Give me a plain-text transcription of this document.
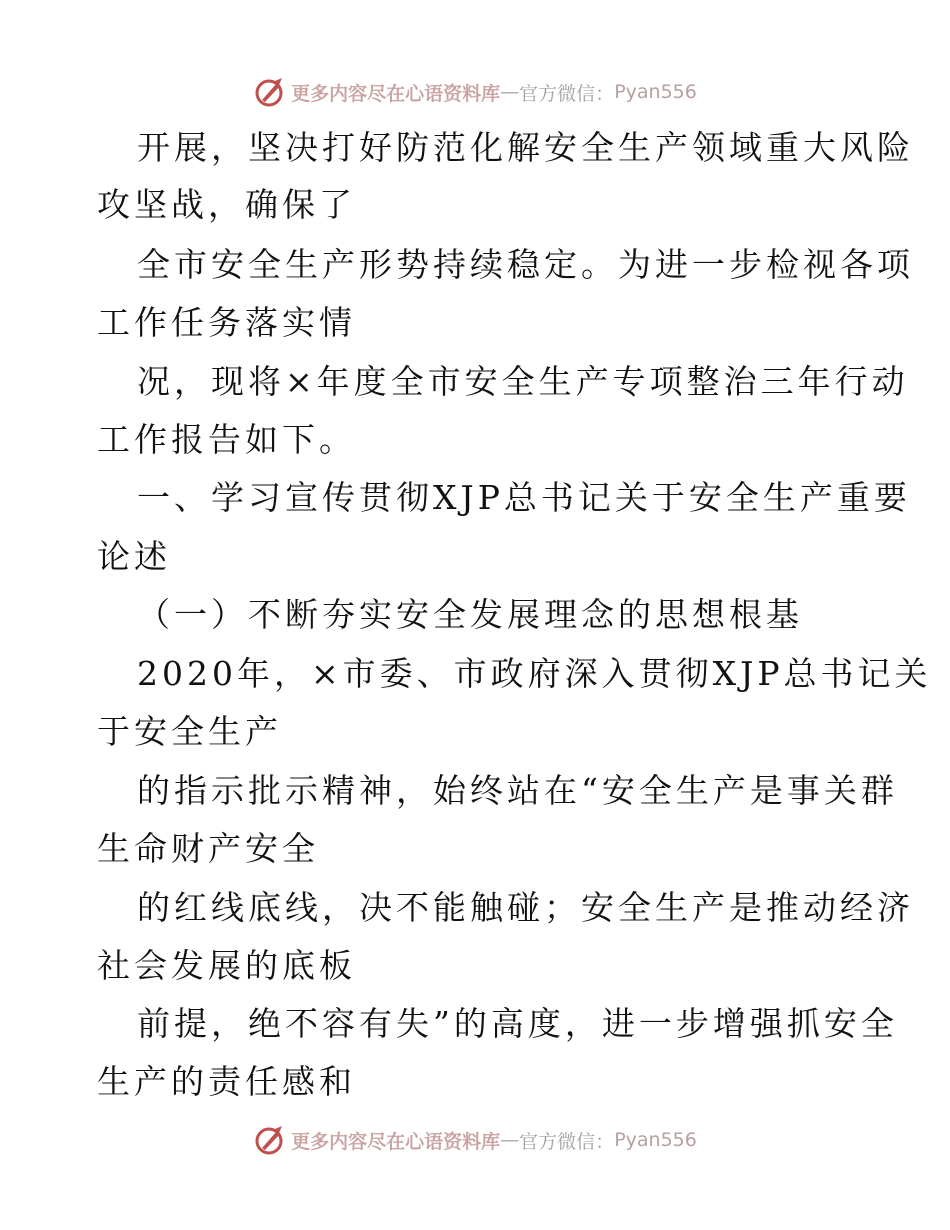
更多内容尽在心语资料库 — 官方微信： Pyan556
开展，坚决打好防范化解安全生产领域重大风险
攻坚战，确保了
全市安全生产形势持续稳定。为进一步检视各项
工作任务落实情
况，现将×年度全市安全生产专项整治三年行动
工作报告如下。
一、学习宣传贯彻XJP总书记关于安全生产重要
论述
（一）不断夯实安全发展理念的思想根基
2020年，×市委、市政府深入贯彻XJP总书记关
于安全生产
的指示批示精神，始终站在“安全生产是事关群
生命财产安全
的红线底线，决不能触碰；安全生产是推动经济
社会发展的底板
前提，绝不容有失”的高度，进一步增强抓安全
生产的责任感和
更多内容尽在心语资料库 — 官方微信： Pyan556
